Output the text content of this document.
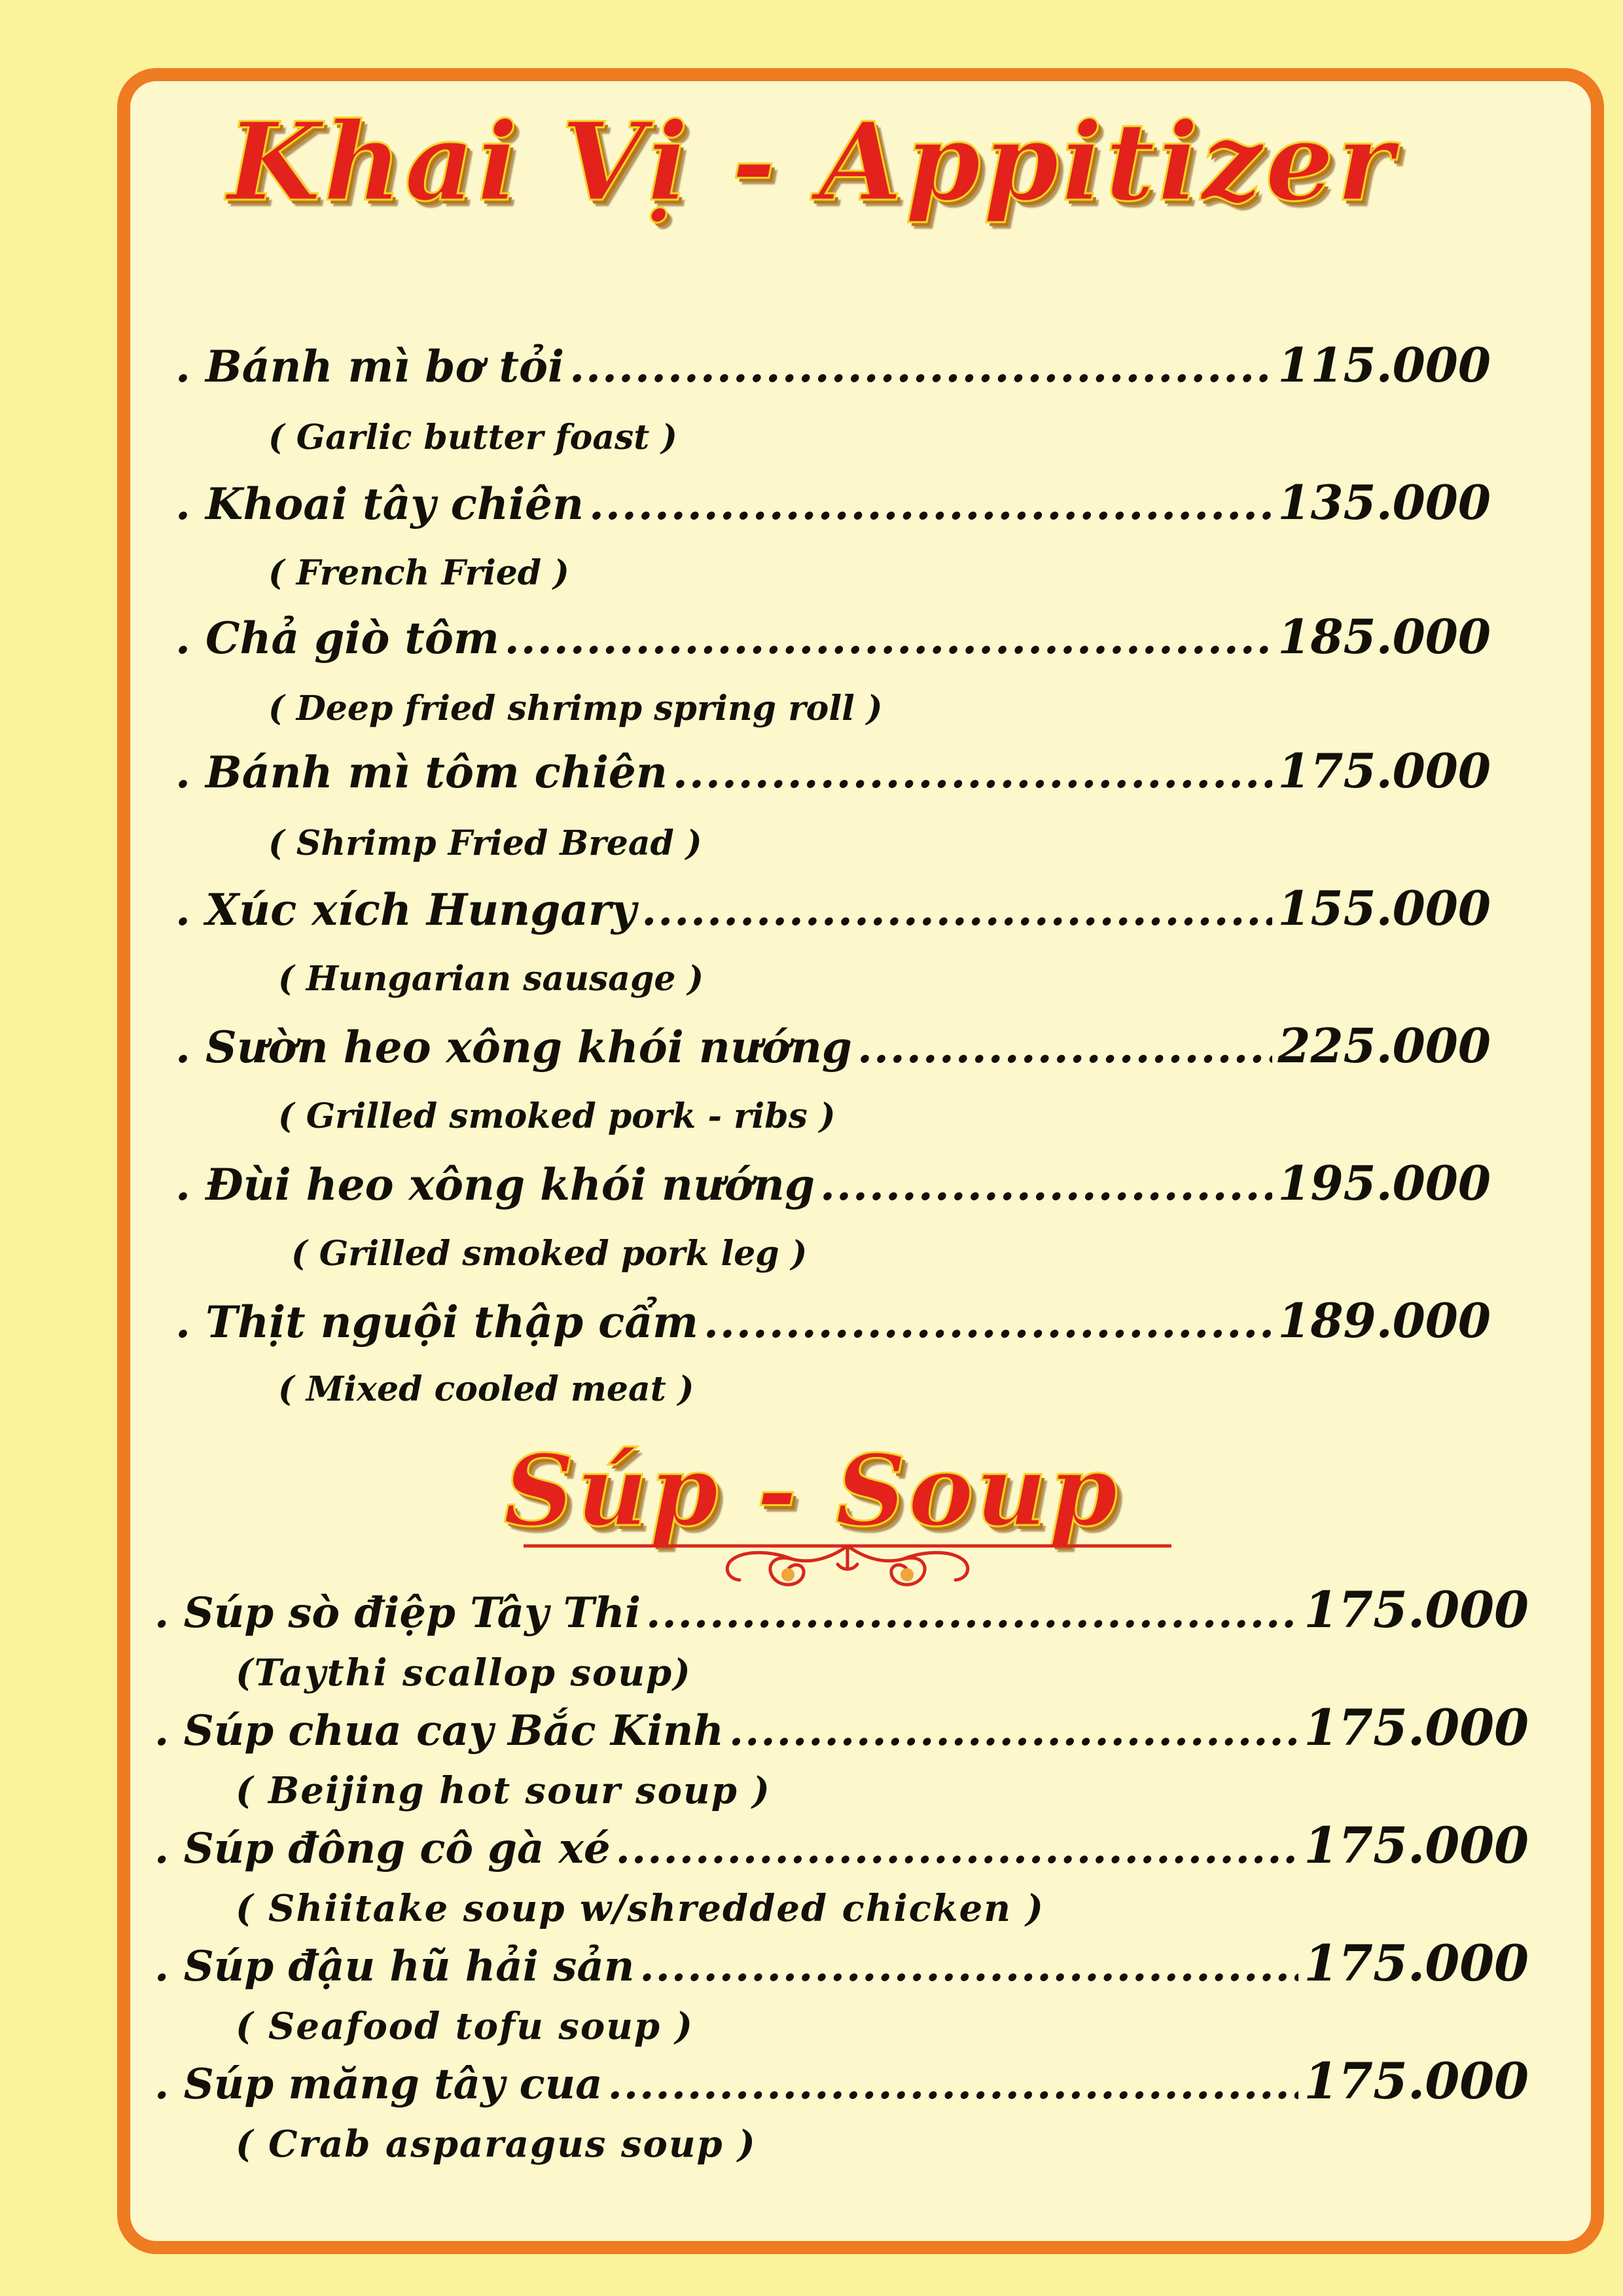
Khai Vị - Appitizer
. Bánh mì bơ tỏi .....	115.000
( Garlic butter foast )
. Khoai tây chiên .....	135.000
( French Fried )
. Chả giò tôm .....	185.000
( Deep fried shrimp spring roll )
. Bánh mì tôm chiên .....	175.000
( Shrimp Fried Bread )
. Xúc xích Hungary .....	155.000
( Hungarian sausage )
. Sườn heo xông khói nướng .....	225.000
( Grilled smoked pork - ribs )
. Đùi heo xông khói nướng .....	195.000
( Grilled smoked pork leg )
. Thịt nguội thập cẩm .....	189.000
( Mixed cooled meat )
Súp - Soup
. Súp sò điệp Tây Thi .....	175.000
(Taythi scallop soup)
. Súp chua cay Bắc Kinh .....	175.000
( Beijing hot sour soup )
. Súp đông cô gà xé .....	175.000
( Shiitake soup w/shredded chicken )
. Súp đậu hũ hải sản .....	175.000
( Seafood tofu soup )
. Súp măng tây cua .....	175.000
( Crab asparagus soup )
